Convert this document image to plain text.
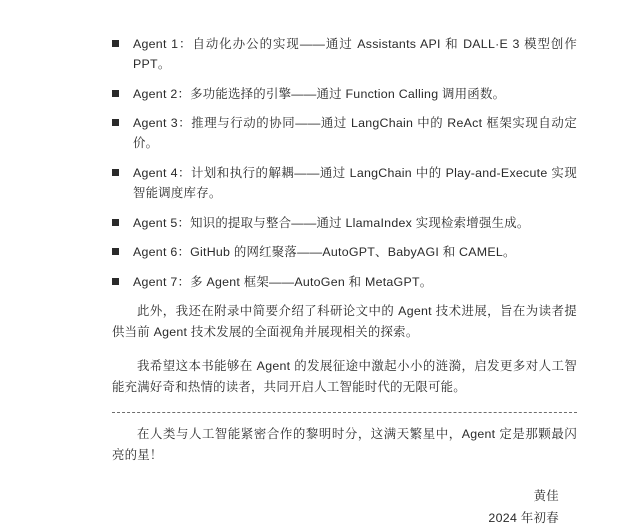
Agent 1：自动化办公的实现——通过 Assistants API 和 DALL·E 3 模型创作 PPT。
Agent 2：多功能选择的引擎——通过 Function Calling 调用函数。
Agent 3：推理与行动的协同——通过 LangChain 中的 ReAct 框架实现自动定价。
Agent 4：计划和执行的解耦——通过 LangChain 中的 Play-and-Execute 实现智能调度库存。
Agent 5：知识的提取与整合——通过 LlamaIndex 实现检索增强生成。
Agent 6：GitHub 的网红聚落——AutoGPT、BabyAGI 和 CAMEL。
Agent 7：多 Agent 框架——AutoGen 和 MetaGPT。

此外，我还在附录中简要介绍了科研论文中的 Agent 技术进展，旨在为读者提供当前 Agent 技术发展的全面视角并展现相关的探索。

我希望这本书能够在 Agent 的发展征途中激起小小的涟漪，启发更多对人工智能充满好奇和热情的读者，共同开启人工智能时代的无限可能。

在人类与人工智能紧密合作的黎明时分，这满天繁星中，Agent 定是那颗最闪亮的星！

黄佳
2024 年初春
